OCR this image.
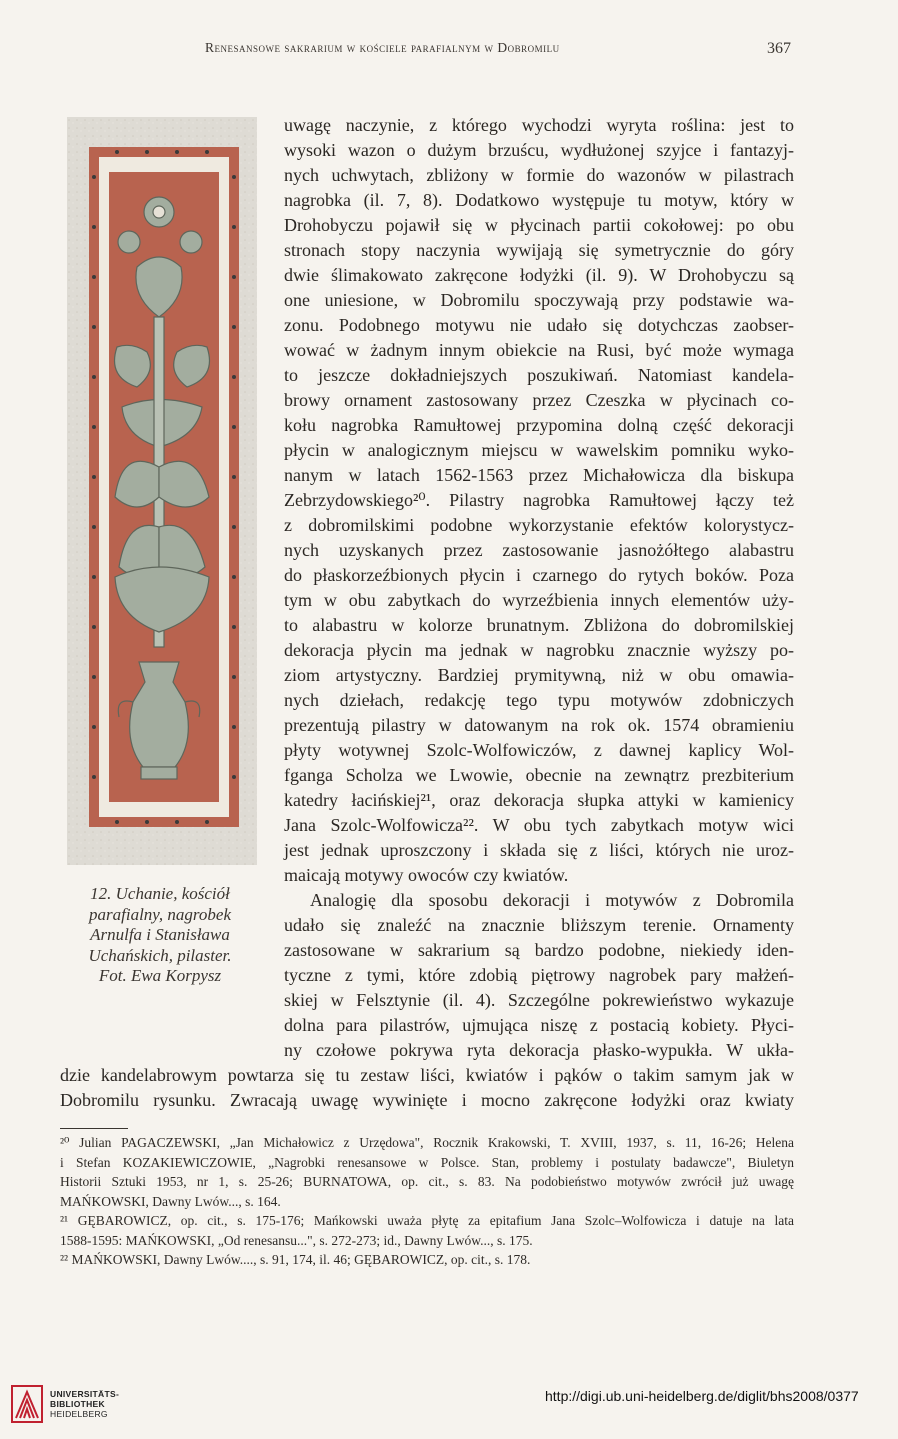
Renesansowe sakrarium w kościele parafialnym w Dobromilu	367
12. Uchanie, kościół
parafialny, nagrobek
Arnulfa i Stanisława
Uchańskich, pilaster.
Fot. Ewa Korpysz
uwagę naczynie, z którego wychodzi wyryta roślina: jest to
wysoki wazon o dużym brzuścu, wydłużonej szyjce i fantazyj-
nych uchwytach, zbliżony w formie do wazonów w pilastrach
nagrobka (il. 7, 8). Dodatkowo występuje tu motyw, który w
Drohobyczu pojawił się w płycinach partii cokołowej: po obu
stronach stopy naczynia wywijają się symetrycznie do góry
dwie ślimakowato zakręcone łodyżki (il. 9). W Drohobyczu są
one uniesione, w Dobromilu spoczywają przy podstawie wa-
zonu. Podobnego motywu nie udało się dotychczas zaobser-
wować w żadnym innym obiekcie na Rusi, być może wymaga
to jeszcze dokładniejszych poszukiwań. Natomiast kandela-
browy ornament zastosowany przez Czeszka w płycinach co-
kołu nagrobka Ramułtowej przypomina dolną część dekoracji
płycin w analogicznym miejscu w wawelskim pomniku wyko-
nanym w latach 1562-1563 przez Michałowicza dla biskupa
Zebrzydowskiego²⁰. Pilastry nagrobka Ramułtowej łączy też
z dobromilskimi podobne wykorzystanie efektów kolorystycz-
nych uzyskanych przez zastosowanie jasnożółtego alabastru
do płaskorzeźbionych płycin i czarnego do rytych boków. Poza
tym w obu zabytkach do wyrzeźbienia innych elementów uży-
to alabastru w kolorze brunatnym. Zbliżona do dobromilskiej
dekoracja płycin ma jednak w nagrobku znacznie wyższy po-
ziom artystyczny. Bardziej prymitywną, niż w obu omawia-
nych dziełach, redakcję tego typu motywów zdobniczych
prezentują pilastry w datowanym na rok ok. 1574 obramieniu
płyty wotywnej Szolc-Wolfowiczów, z dawnej kaplicy Wol-
fganga Scholza we Lwowie, obecnie na zewnątrz prezbiterium
katedry łacińskiej²¹, oraz dekoracja słupka attyki w kamienicy
Jana Szolc-Wolfowicza²². W obu tych zabytkach motyw wici
jest jednak uproszczony i składa się z liści, których nie uroz-
maicają motywy owoców czy kwiatów.
Analogię dla sposobu dekoracji i motywów z Dobromila
udało się znaleźć na znacznie bliższym terenie. Ornamenty
zastosowane w sakrarium są bardzo podobne, niekiedy iden-
tyczne z tymi, które zdobią piętrowy nagrobek pary małżeń-
skiej w Felsztynie (il. 4). Szczególne pokrewieństwo wykazuje
dolna para pilastrów, ujmująca niszę z postacią kobiety. Płyci-
ny czołowe pokrywa ryta dekoracja płasko-wypukła. W ukła-
dzie kandelabrowym powtarza się tu zestaw liści, kwiatów i pąków o takim samym jak w
Dobromilu rysunku. Zwracają uwagę wywinięte i mocno zakręcone łodyżki oraz kwiaty
²⁰ Julian PAGACZEWSKI, „Jan Michałowicz z Urzędowa", Rocznik Krakowski, T. XVIII, 1937, s. 11, 16-26; Helena
i Stefan KOZAKIEWICZOWIE, „Nagrobki renesansowe w Polsce. Stan, problemy i postulaty badawcze", Biuletyn
Historii Sztuki 1953, nr 1, s. 25-26; BURNATOWA, op. cit., s. 83. Na podobieństwo motywów zwrócił już uwagę
MAŃKOWSKI, Dawny Lwów..., s. 164.
²¹ GĘBAROWICZ, op. cit., s. 175-176; Mańkowski uważa płytę za epitafium Jana Szolc–Wolfowicza i datuje na lata
1588-1595: MAŃKOWSKI, „Od renesansu...", s. 272-273; id., Dawny Lwów..., s. 175.
²² MAŃKOWSKI, Dawny Lwów...., s. 91, 174, il. 46; GĘBAROWICZ, op. cit., s. 178.
UNIVERSITÄTS-
BIBLIOTHEK
HEIDELBERG
http://digi.ub.uni-heidelberg.de/diglit/bhs2008/0377
